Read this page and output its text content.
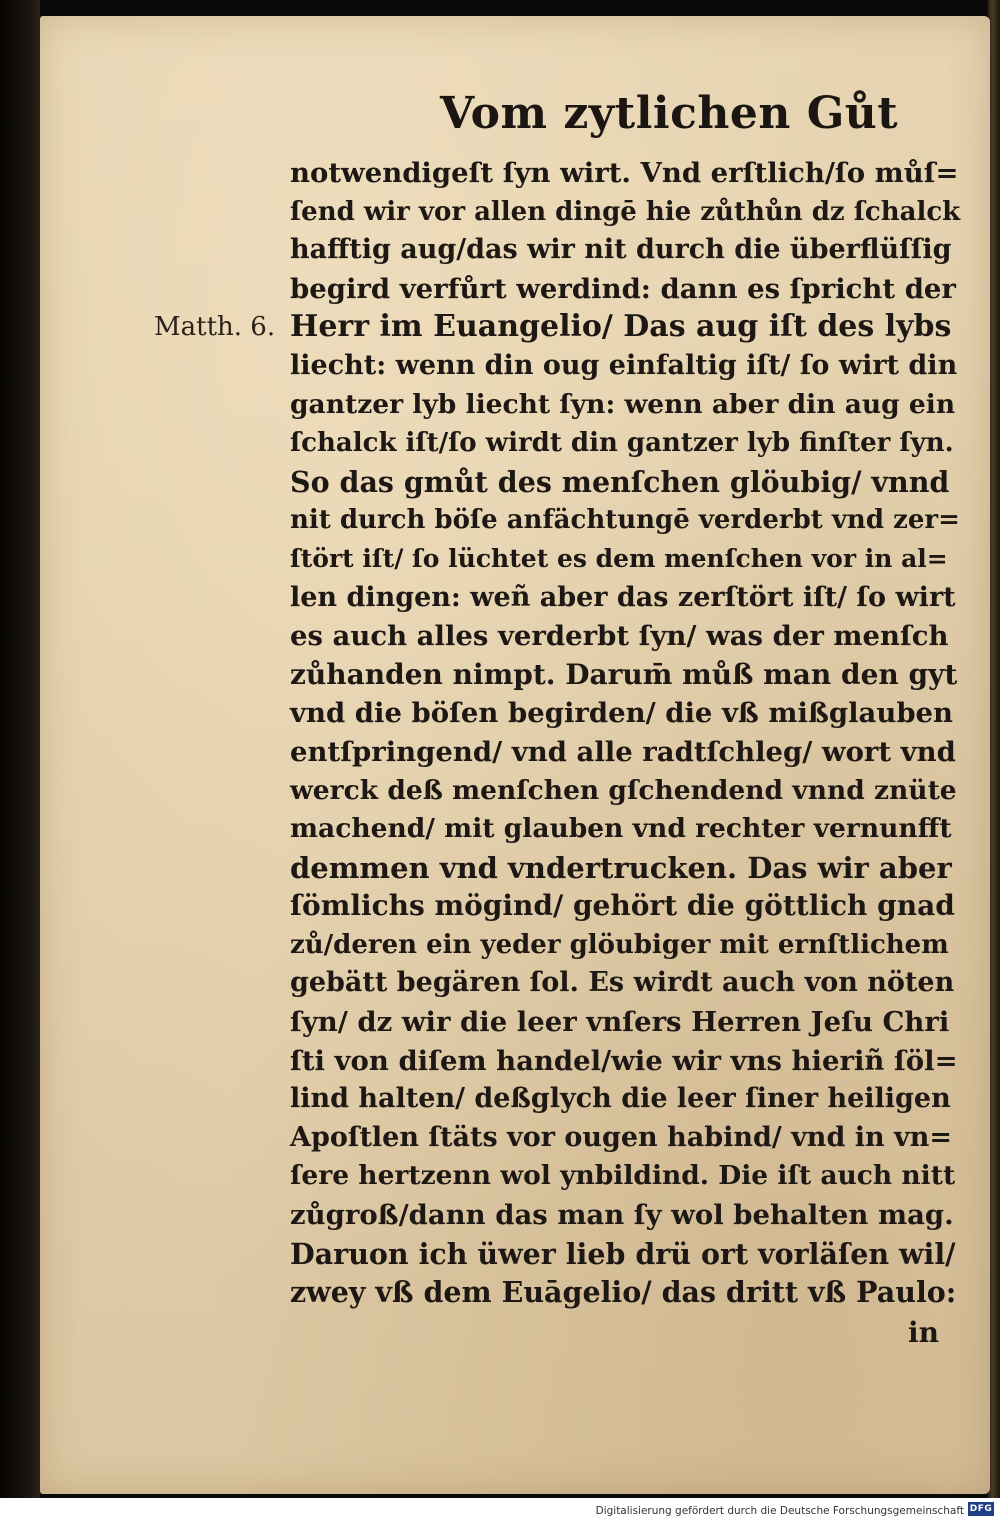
Vom zytlichen Gůt
Matth. 6.
notwendigeſt ſyn wirt. Vnd erſtlich/ſo můſ=
ſend wir vor allen dingē hie zůthůn dz ſchalck
hafftig aug/das wir nit durch die überflüſſig
begird verfůrt werdind: dann es ſpricht der
Herr im Euangelio/ Das aug iſt des lybs
liecht: wenn din oug einfaltig iſt/ ſo wirt din
gantzer lyb liecht ſyn: wenn aber din aug ein
ſchalck iſt/ſo wirdt din gantzer lyb finſter ſyn.
So das gmůt des menſchen glöubig/ vnnd
nit durch böſe anfächtungē verderbt vnd zer=
ſtört iſt/ ſo lüchtet es dem menſchen vor in al=
len dingen: weñ aber das zerſtört iſt/ ſo wirt
es auch alles verderbt ſyn/ was der menſch
zůhanden nimpt. Darum̄ můß man den gyt
vnd die böſen begirden/ die vß mißglauben
entſpringend/ vnd alle radtſchleg/ wort vnd
werck deß menſchen gſchendend vnnd znüte
machend/ mit glauben vnd rechter vernunfft
demmen vnd vndertrucken. Das wir aber
ſömlichs mögind/ gehört die göttlich gnad
zů/deren ein yeder glöubiger mit ernſtlichem
gebätt begären ſol. Es wirdt auch von nöten
ſyn/ dz wir die leer vnſers Herren Jeſu Chri
ſti von diſem handel/wie wir vns hieriñ ſöl=
lind halten/ deßglych die leer ſiner heiligen
Apoſtlen ſtäts vor ougen habind/ vnd in vn=
ſere hertzenn wol ynbildind. Die iſt auch nitt
zůgroß/dann das man ſy wol behalten mag.
Daruon ich üwer lieb drü ort vorläſen wil/
zwey vß dem Euāgelio/ das dritt vß Paulo:
in
Digitalisierung gefördert durch die Deutsche Forschungsgemeinschaft DFG
